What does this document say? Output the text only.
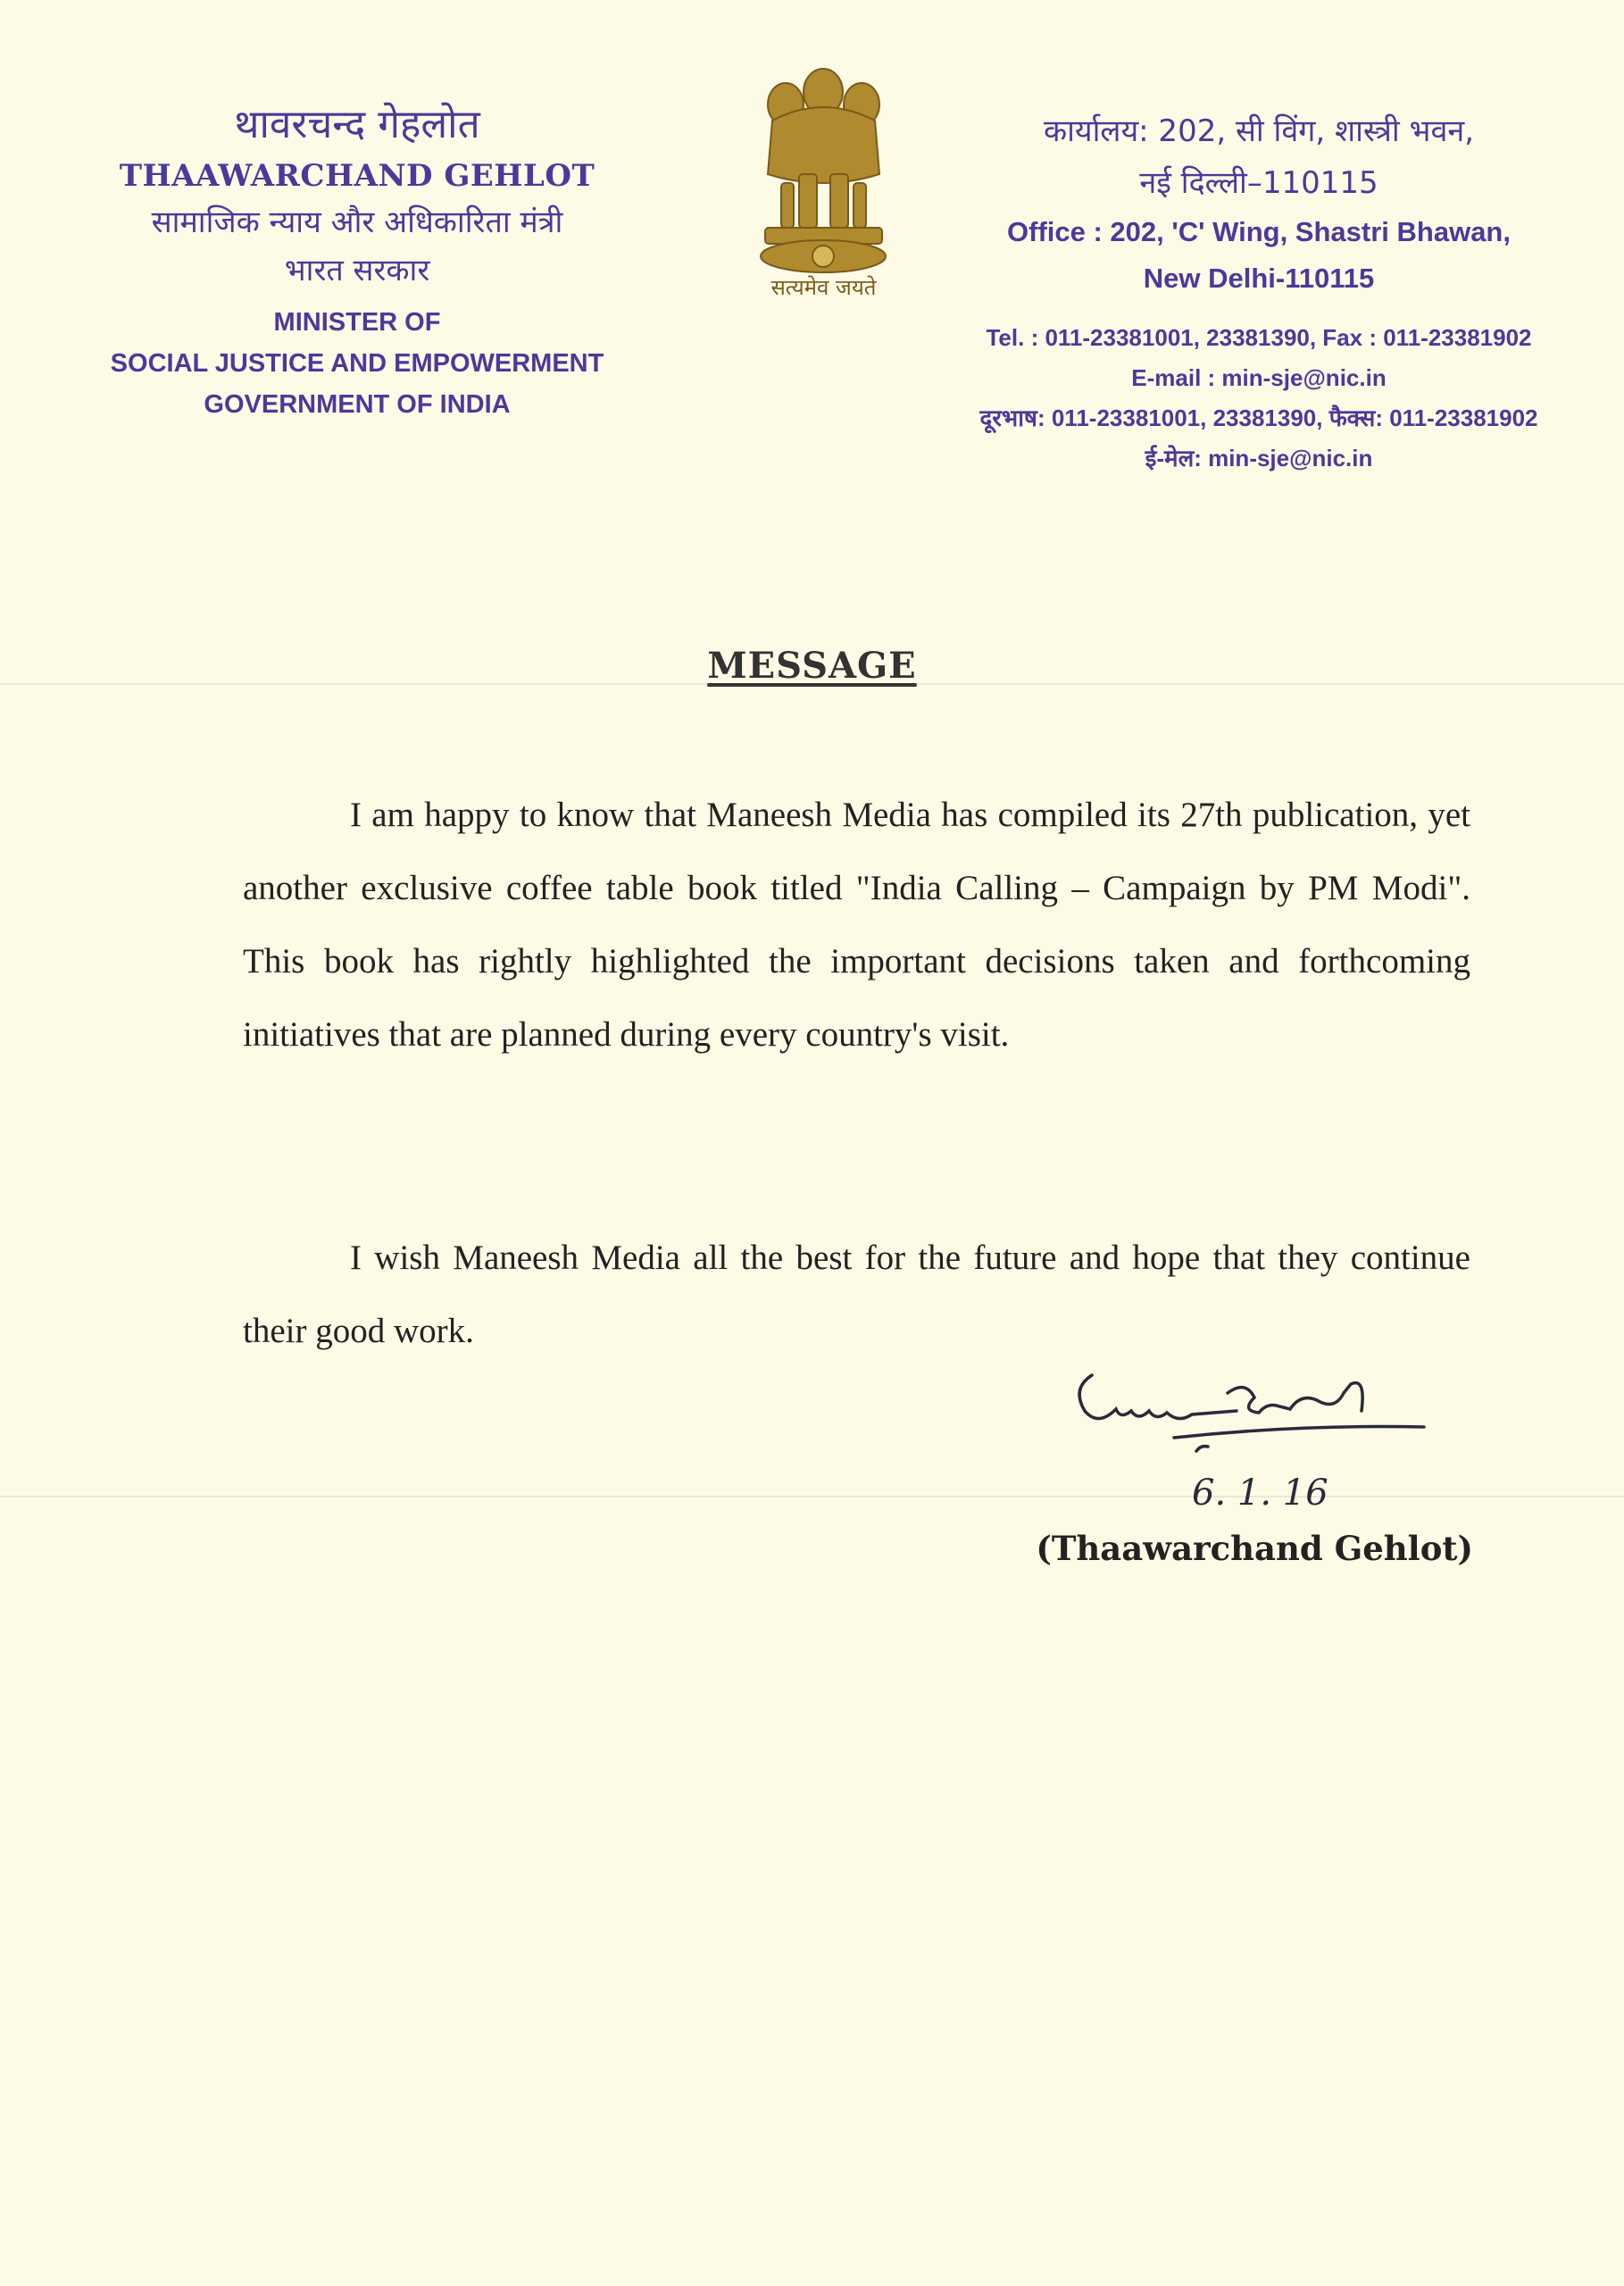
थावरचन्द गेहलोत
THAAWARCHAND GEHLOT
सामाजिक न्याय और अधिकारिता मंत्री
भारत सरकार
MINISTER OF
SOCIAL JUSTICE AND EMPOWERMENT
GOVERNMENT OF INDIA
सत्यमेव जयते
कार्यालय: 202, सी विंग, शास्त्री भवन,
नई दिल्ली–110115
Office : 202, 'C' Wing, Shastri Bhawan,
New Delhi-110115
Tel. : 011-23381001, 23381390, Fax : 011-23381902
E-mail : min-sje@nic.in
दूरभाष: 011-23381001, 23381390, फैक्स: 011-23381902
ई-मेल: min-sje@nic.in
MESSAGE

I am happy to know that Maneesh Media has compiled its 27th publication, yet another exclusive coffee table book titled "India Calling – Campaign by PM Modi". This book has rightly highlighted the important decisions taken and forthcoming initiatives that are planned during every country's visit.

I wish Maneesh Media all the best for the future and hope that they continue their good work.

6. 1. 16
(Thaawarchand Gehlot)
